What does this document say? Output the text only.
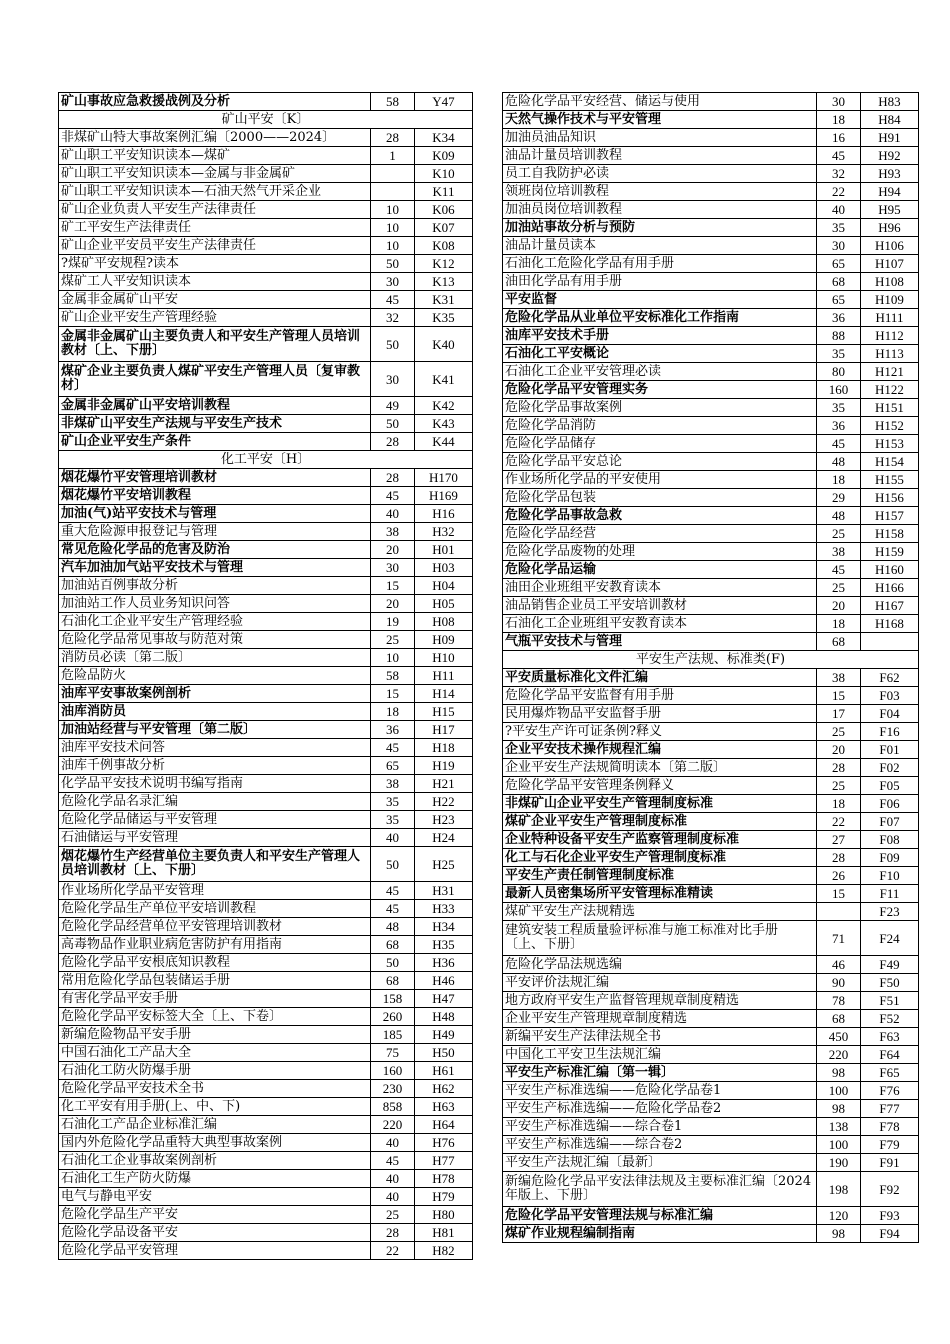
矿山事故应急救援战例及分析	58	Y47
矿山平安〔K〕		
非煤矿山特大事故案例汇编〔2000——2024〕	28	K34
矿山职工平安知识读本—煤矿	1	K09
矿山职工平安知识读本—金属与非金属矿		K10
矿山职工平安知识读本—石油天然气开采企业		K11
矿山企业负责人平安生产法律责任	10	K06
矿工平安生产法律责任	10	K07
矿山企业平安员平安生产法律责任	10	K08
?煤矿平安规程?读本	50	K12
煤矿工人平安知识读本	30	K13
金属非金属矿山平安	45	K31
矿山企业平安生产管理经验	32	K35
金属非金属矿山主要负责人和平安生产管理人员培训教材〔上、下册〕	50	K40
煤矿企业主要负责人煤矿平安生产管理人员〔复审教材〕	30	K41
金属非金属矿山平安培训教程	49	K42
非煤矿山平安生产法规与平安生产技术	50	K43
矿山企业平安生产条件	28	K44
化工平安〔H〕		
烟花爆竹平安管理培训教材	28	H170
烟花爆竹平安培训教程	45	H169
加油(气)站平安技术与管理	40	H16
重大危险源申报登记与管理	38	H32
常见危险化学品的危害及防治	20	H01
汽车加油加气站平安技术与管理	30	H03
加油站百例事故分析	15	H04
加油站工作人员业务知识问答	20	H05
石油化工企业平安生产管理经验	19	H08
危险化学品常见事故与防范对策	25	H09
消防员必读〔第二版〕	10	H10
危险品防火	58	H11
油库平安事故案例剖析	15	H14
油库消防员	18	H15
加油站经营与平安管理〔第二版〕	36	H17
油库平安技术问答	45	H18
油库千例事故分析	65	H19
化学品平安技术说明书编写指南	38	H21
危险化学品名录汇编	35	H22
危险化学品储运与平安管理	35	H23
石油储运与平安管理	40	H24
烟花爆竹生产经营单位主要负责人和平安生产管理人员培训教材〔上、下册〕	50	H25
作业场所化学品平安管理	45	H31
危险化学品生产单位平安培训教程	45	H33
危险化学品经营单位平安管理培训教材	48	H34
高毒物品作业职业病危害防护有用指南	68	H35
危险化学品平安根底知识教程	50	H36
常用危险化学品包装储运手册	68	H46
有害化学品平安手册	158	H47
危险化学品平安标签大全〔上、下卷〕	260	H48
新编危险物品平安手册	185	H49
中国石油化工产品大全	75	H50
石油化工防火防爆手册	160	H61
危险化学品平安技术全书	230	H62
化工平安有用手册(上、中、下)	858	H63
石油化工产品企业标准汇编	220	H64
国内外危险化学品重特大典型事故案例	40	H76
石油化工企业事故案例剖析	45	H77
石油化工生产防火防爆	40	H78
电气与静电平安	40	H79
危险化学品生产平安	25	H80
危险化学品设备平安	28	H81
危险化学品平安管理	22	H82
危险化学品平安经营、储运与使用	30	H83
天然气操作技术与平安管理	18	H84
加油员油品知识	16	H91
油品计量员培训教程	45	H92
员工自我防护必读	32	H93
领班岗位培训教程	22	H94
加油员岗位培训教程	40	H95
加油站事故分析与预防	35	H96
油品计量员读本	30	H106
石油化工危险化学品有用手册	65	H107
油田化学品有用手册	68	H108
平安监督	65	H109
危险化学品从业单位平安标准化工作指南	36	H111
油库平安技术手册	88	H112
石油化工平安概论	35	H113
石油化工企业平安管理必读	80	H121
危险化学品平安管理实务	160	H122
危险化学品事故案例	35	H151
危险化学品消防	36	H152
危险化学品储存	45	H153
危险化学品平安总论	48	H154
作业场所化学品的平安使用	18	H155
危险化学品包装	29	H156
危险化学品事故急救	48	H157
危险化学品经营	25	H158
危险化学品废物的处理	38	H159
危险化学品运输	45	H160
油田企业班组平安教育读本	25	H166
油品销售企业员工平安培训教材	20	H167
石油化工企业班组平安教育读本	18	H168
气瓶平安技术与管理	68	
平安生产法规、标准类(F)		
平安质量标准化文件汇编	38	F62
危险化学品平安监督有用手册	15	F03
民用爆炸物品平安监督手册	17	F04
?平安生产许可证条例?释义	25	F16
企业平安技术操作规程汇编	20	F01
企业平安生产法规简明读本〔第二版〕	28	F02
危险化学品平安管理条例释义	25	F05
非煤矿山企业平安生产管理制度标准	18	F06
煤矿企业平安生产管理制度标准	22	F07
企业特种设备平安生产监察管理制度标准	27	F08
化工与石化企业平安生产管理制度标准	28	F09
平安生产责任制管理制度标准	26	F10
最新人员密集场所平安管理标准精读	15	F11
煤矿平安生产法规精选		F23
建筑安装工程质量验评标准与施工标准对比手册〔上、下册〕	71	F24
危险化学品法规选编	46	F49
平安评价法规汇编	90	F50
地方政府平安生产监督管理规章制度精选	78	F51
企业平安生产管理规章制度精选	68	F52
新编平安生产法律法规全书	450	F63
中国化工平安卫生法规汇编	220	F64
平安生产标准汇编〔第一辑〕	98	F65
平安生产标准选编——危险化学品卷1	100	F76
平安生产标准选编——危险化学品卷2	98	F77
平安生产标准选编——综合卷1	138	F78
平安生产标准选编——综合卷2	100	F79
平安生产法规汇编〔最新〕	190	F91
新编危险化学品平安法律法规及主要标准汇编〔2024年版上、下册〕	198	F92
危险化学品平安管理法规与标准汇编	120	F93
煤矿作业规程编制指南	98	F94
